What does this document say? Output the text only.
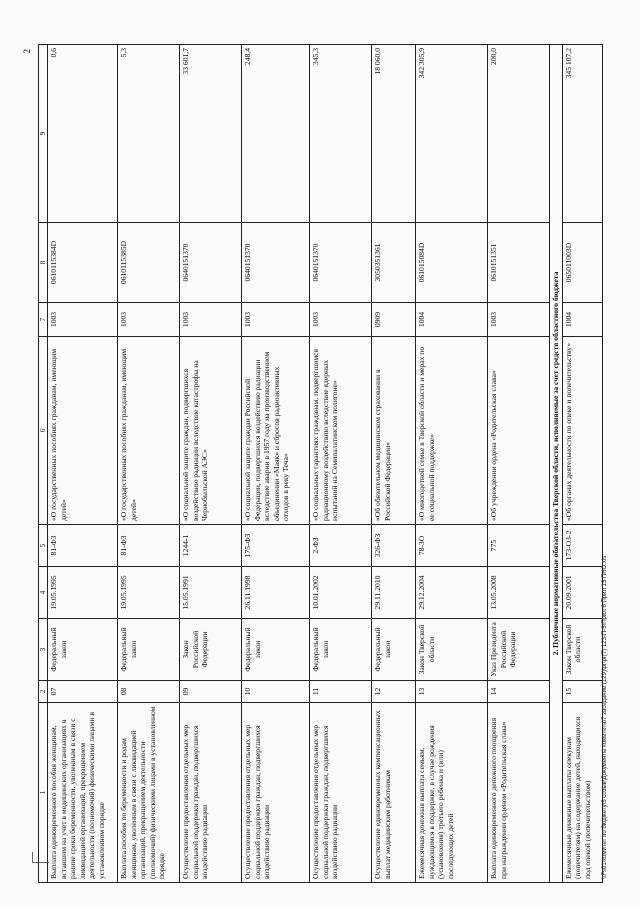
2
1	2	3	4	5	6	7	8	9
Выплата единовременного пособия женщинам, вставшим на учет в медицинских организациях в ранние сроки беременности, уволенным в связи с ликвидацией организаций, прекращением деятельности (полномочий) физическими лицами в установленном порядке	07	Федеральный закон	19.05.1995	81-ФЗ	«О государственных пособиях гражданам, имеющим детей»	1003	0610115384D	0,6
Выплата пособия по беременности и родам женщинам, уволенным в связи с ликвидацией организаций, прекращением деятельности (полномочий) физическими лицами в установленном порядке	08	Федеральный закон	19.05.1995	81-ФЗ	«О государственных пособиях гражданам, имеющим детей»	1003	0610115385D	5,3
Осуществление предоставления отдельных мер социальной поддержки граждан, подвергшихся воздействию радиации	09	Закон Российской Федерации	15.05.1991	1244-1	«О социальной защите граждан, подвергшихся воздействию радиации вследствие катастрофы на Чернобыльской АЭС»	1003	0640151370	33 601,7
Осуществление предоставления отдельных мер социальной поддержки граждан, подвергшихся воздействию радиации	10	Федеральный закон	26.11.1998	175-ФЗ	«О социальной защите граждан Российской Федерации, подвергшихся воздействию радиации вследствие аварии в 1957 году на производственном объединении «Маяк» и сбросов радиоактивных отходов в реку Теча»	1003	0640151370	248,4
Осуществление предоставления отдельных мер социальной поддержки граждан, подвергшихся воздействию радиации	11	Федеральный закон	10.01.2002	2-ФЗ	«О социальных гарантиях гражданам, подвергшимся радиационному воздействию вследствие ядерных испытаний на Семипалатинском полигоне»	1003	0640151370	345,3
Осуществление единовременных компенсационных выплат медицинским работникам	12	Федеральный закон	29.11.2010	326-ФЗ	«Об обязательном медицинском страховании в Российской Федерации»	0909	3050351361	18 060,0
Ежемесячная денежная выплата семьям, нуждающимся в поддержке, в случае рождения (усыновления) третьего ребенка и (или) последующих детей	13	Закон Тверской области	29.12.2004	78-ЗО	«О многодетной семье в Тверской области и мерах по ее социальной поддержке»	1004	061015084D	342 305,9
Выплата единовременного денежного поощрения при награждении орденом «Родительская слава»	14	Указ Президента Российской Федерации	13.05.2008	775	«Об учреждении ордена «Родительская слава»	1003	0610151351	200,0
2. Публичные нормативные обязательства Тверской области, исполняемые за счет средств областного бюджета								
Ежемесячные денежные выплаты опекунам (попечителям) на содержание детей, находящихся под опекой (попечительством)	15	Закон Тверской области	20.09.2001	173-ОЗ-2	«Об органах деятельности по опеке и попечительству»	1004	065011003D	345 107,2
\\Fs01\комитет по бюджету\5 созыв\Документы комитета\7 заседание (129)\pr\pr(7) 123-П-5\Прил 6 Прил 15 ПНО.xls
